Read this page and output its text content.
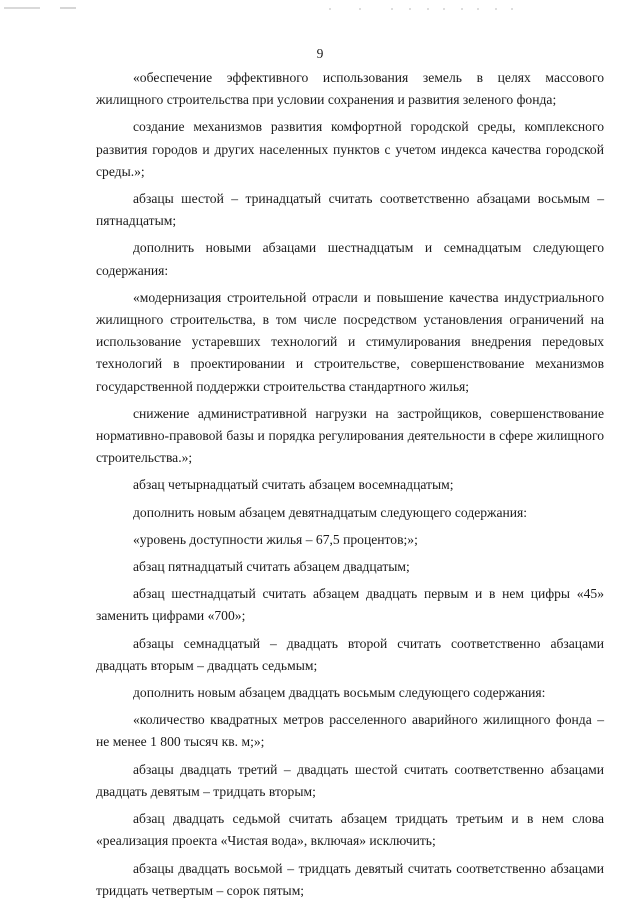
9

«обеспечение эффективного использования земель в целях массового жилищного строительства при условии сохранения и развития зеленого фонда;

создание механизмов развития комфортной городской среды, комплексного развития городов и других населенных пунктов с учетом индекса качества городской среды.»;

абзацы шестой – тринадцатый считать соответственно абзацами восьмым – пятнадцатым;

дополнить новыми абзацами шестнадцатым и семнадцатым следующего содержания:

«модернизация строительной отрасли и повышение качества индустриального жилищного строительства, в том числе посредством установления ограничений на использование устаревших технологий и стимулирования внедрения передовых технологий в проектировании и строительстве, совершенствование механизмов государственной поддержки строительства стандартного жилья;

снижение административной нагрузки на застройщиков, совершенствование нормативно-правовой базы и порядка регулирования деятельности в сфере жилищного строительства.»;

абзац четырнадцатый считать абзацем восемнадцатым;

дополнить новым абзацем девятнадцатым следующего содержания:

«уровень доступности жилья – 67,5 процентов;»;

абзац пятнадцатый считать абзацем двадцатым;

абзац шестнадцатый считать абзацем двадцать первым и в нем цифры «45» заменить цифрами «700»;

абзацы семнадцатый – двадцать второй считать соответственно абзацами двадцать вторым – двадцать седьмым;

дополнить новым абзацем двадцать восьмым следующего содержания:

«количество квадратных метров расселенного аварийного жилищного фонда – не менее 1 800 тысяч кв. м;»;

абзацы двадцать третий – двадцать шестой считать соответственно абзацами двадцать девятым – тридцать вторым;

абзац двадцать седьмой считать абзацем тридцать третьим и в нем слова «реализация проекта «Чистая вода», включая» исключить;

абзацы двадцать восьмой – тридцать девятый считать соответственно абзацами тридцать четвертым – сорок пятым;
